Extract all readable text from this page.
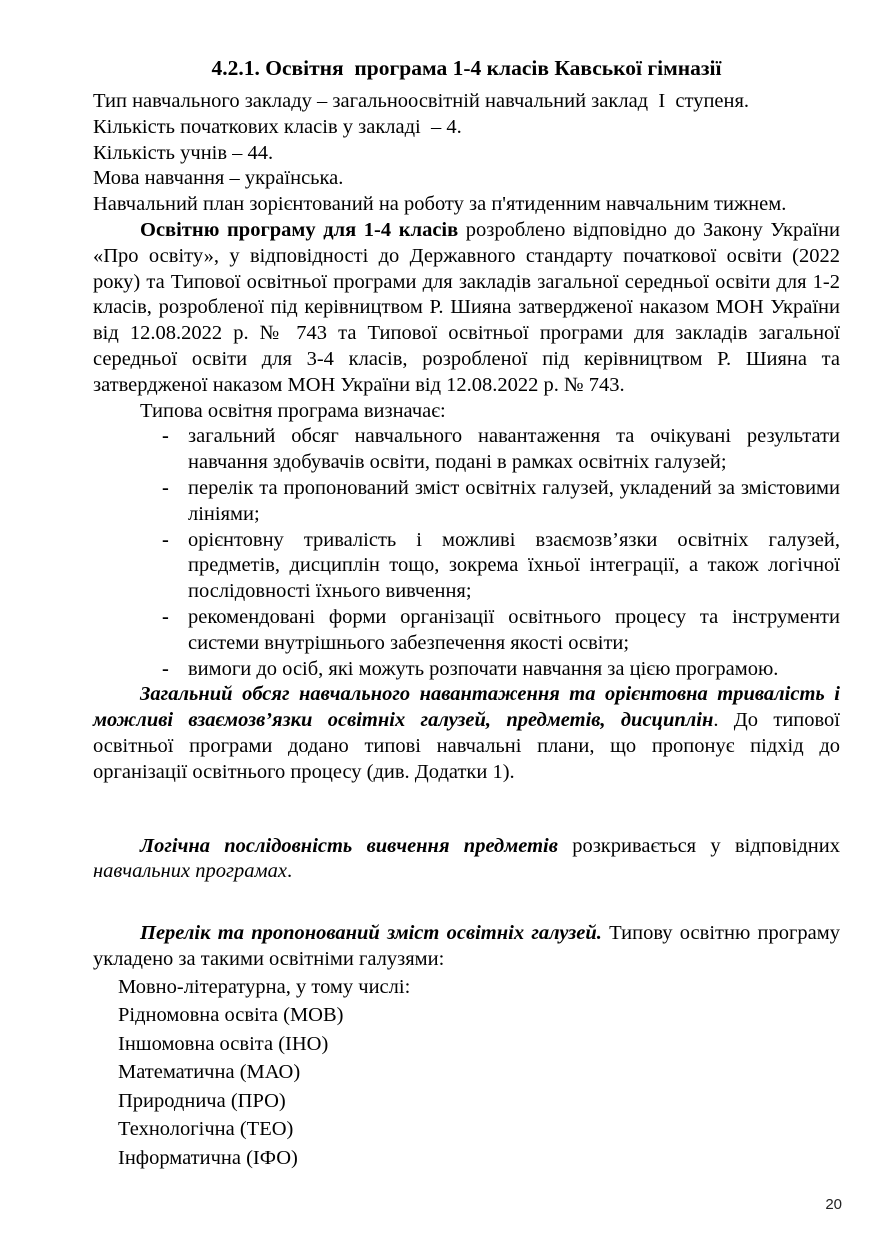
4.2.1. Освітня  програма 1-4 класів Кавської гімназії

Тип навчального закладу – загальноосвітній навчальний заклад  І  ступеня.

Кількість початкових класів у закладі  – 4.

Кількість учнів – 44.

Мова навчання – українська.

Навчальний план зорієнтований на роботу за п'ятиденним навчальним тижнем.

Освітню програму для 1-4 класів розроблено відповідно до Закону України «Про освіту», у відповідності до Державного стандарту початкової освіти (2022 року) та Типової освітньої програми для закладів загальної середньої освіти для 1-2 класів, розробленої під керівництвом Р. Шияна затвердженої наказом МОН України від 12.08.2022 р. № 743 та Типової освітньої програми для закладів загальної середньої освіти для 3-4 класів, розробленої під керівництвом Р. Шияна та затвердженої наказом МОН України від 12.08.2022 р. № 743.

Типова освітня програма визначає:

- загальний обсяг навчального навантаження та очікувані результати навчання здобувачів освіти, подані в рамках освітніх галузей;
- перелік та пропонований зміст освітніх галузей, укладений за змістовими лініями;
- орієнтовну тривалість і можливі взаємозв’язки освітніх галузей, предметів, дисциплін тощо, зокрема їхньої інтеграції, а також логічної послідовності їхнього вивчення;
- рекомендовані форми організації освітнього процесу та інструменти системи внутрішнього забезпечення якості освіти;
- вимоги до осіб, які можуть розпочати навчання за цією програмою.

Загальний обсяг навчального навантаження та орієнтовна тривалість і можливі взаємозв’язки освітніх галузей, предметів, дисциплін. До типової освітньої програми додано типові навчальні плани, що пропонує підхід до організації освітнього процесу (див. Додатки 1).

Логічна послідовність вивчення предметів розкривається у відповідних навчальних програмах.

Перелік та пропонований зміст освітніх галузей. Типову освітню програму укладено за такими освітніми галузями:

Мовно-літературна, у тому числі:

Рідномовна освіта (МОВ)

Іншомовна освіта (ІНО)

Математична (МАО)

Природнича (ПРО)

Технологічна (ТЕО)

Інформатична (ІФО)

20
